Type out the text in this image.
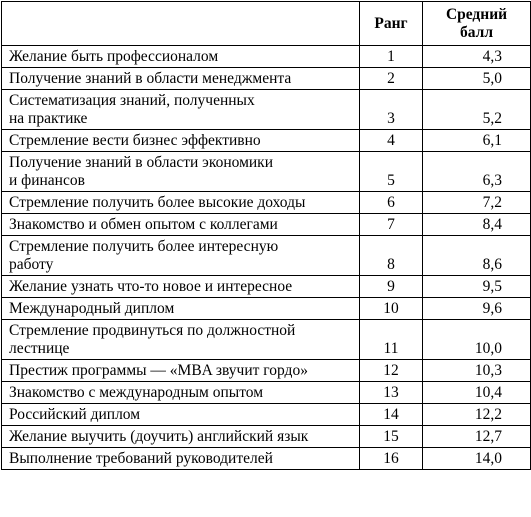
	Ранг	Средний
балл
Желание быть профессионалом	1	4,3
Получение знаний в области менеджмента	2	5,0
Систематизация знаний, полученных
на практике	3	5,2
Стремление вести бизнес эффективно	4	6,1
Получение знаний в области экономики
и финансов	5	6,3
Стремление получить более высокие доходы	6	7,2
Знакомство и обмен опытом с коллегами	7	8,4
Стремление получить более интересную
работу	8	8,6
Желание узнать что-то новое и интересное	9	9,5
Международный диплом	10	9,6
Стремление продвинуться по должностной
лестнице	11	10,0
Престиж программы — «MBA звучит гордо»	12	10,3
Знакомство с международным опытом	13	10,4
Российский диплом	14	12,2
Желание выучить (доучить) английский язык	15	12,7
Выполнение требований руководителей	16	14,0
